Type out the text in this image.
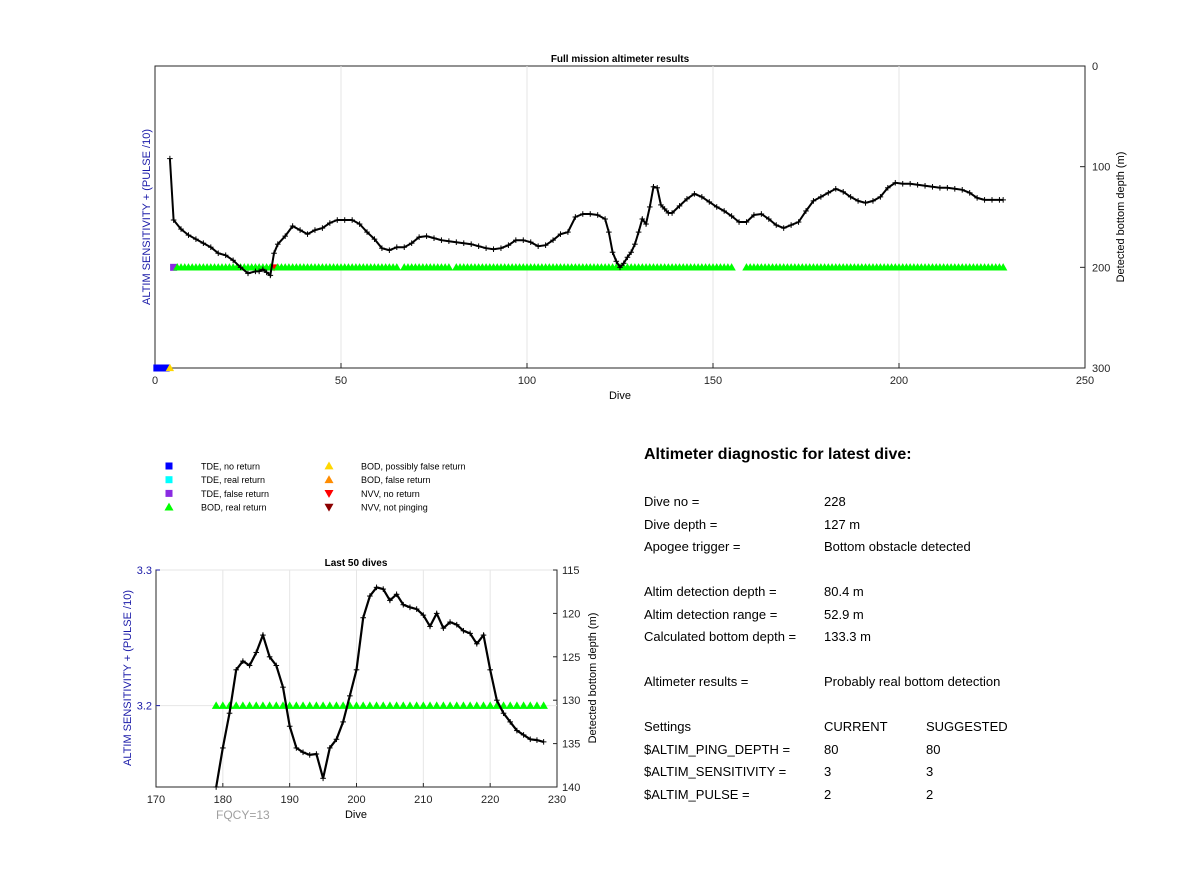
0	50	100	150	200	250
0
100
200
300
Full mission altimeter results
Dive
ALTIM SENSITIVITY + (PULSE /10)	Detected bottom depth (m)
TDE, no return
TDE, real return
TDE, false return
BOD, real return
BOD, possibly false return
BOD, false return
NVV, no return
NVV, not pinging
170	180	190	200	210	220	230
3.2
3.3	115
120
125
130
135
140
Last 50 dives
Dive
ALTIM SENSITIVITY + (PULSE /10)	Detected bottom depth (m)
FQCY=13
Altimeter diagnostic for latest dive:
Dive no =	228
Dive depth =	127 m
Apogee trigger =	Bottom obstacle detected
Altim detection depth =	80.4 m
Altim detection range =	52.9 m
Calculated bottom depth = 133.3 m
Altimeter results =	Probably real bottom detection
Settings	CURRENT	SUGGESTED
$ALTIM_PING_DEPTH =	80	80
$ALTIM_SENSITIVITY =	3	3
$ALTIM_PULSE =	2	2
